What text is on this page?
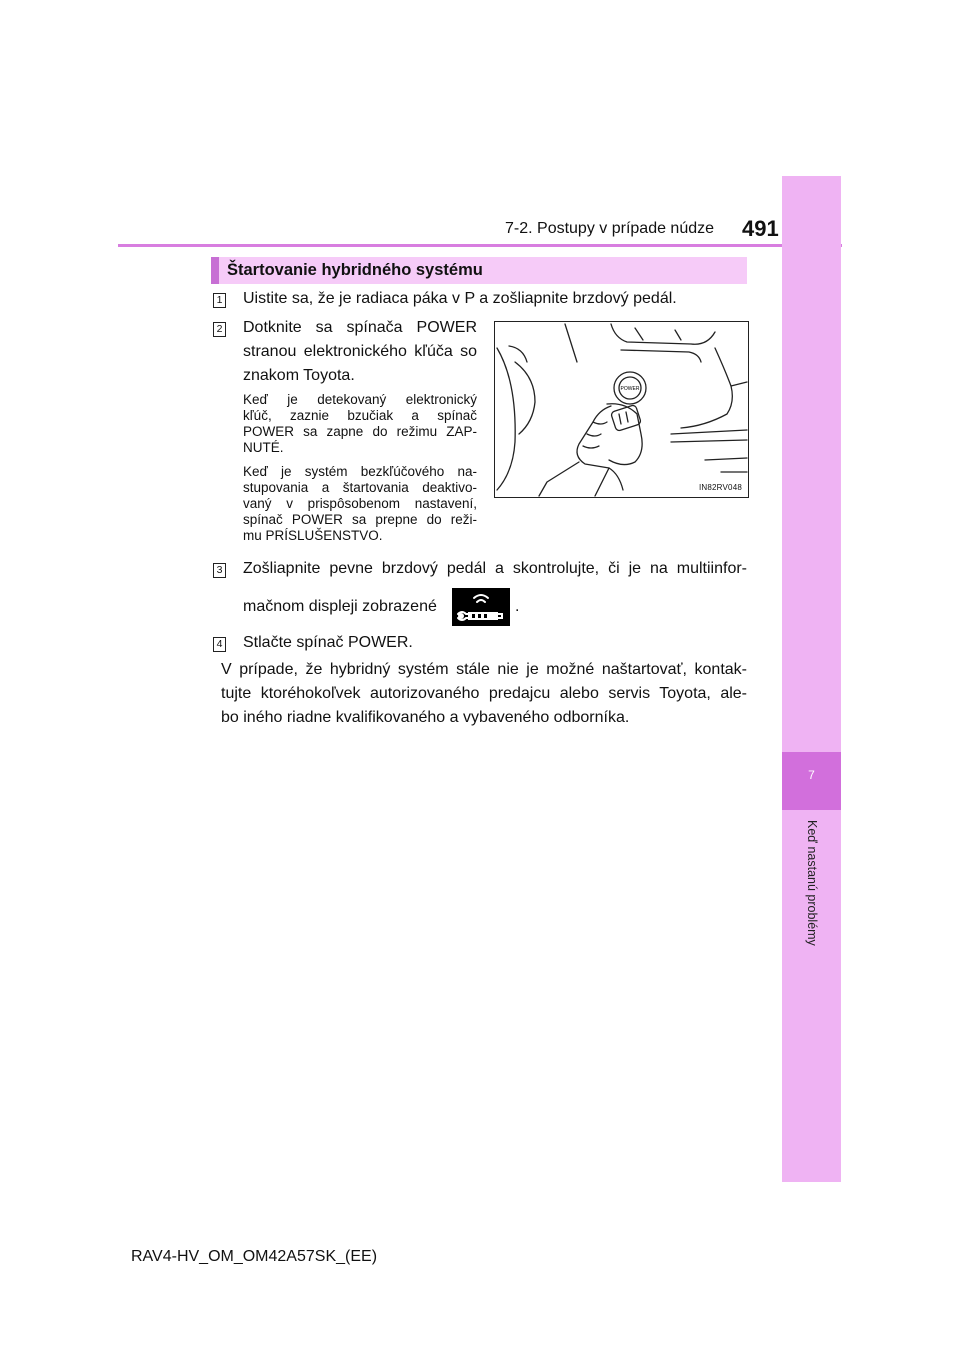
7-2. Postupy v prípade núdze 491
7
Keď nastanú problémy
Štartovanie hybridného systému
1 Uistite sa, že je radiaca páka v P a zošliapnite brzdový pedál.
2 Dotknite sa spínača POWER
stranou elektronického kľúča so
znakom Toyota.
Keď je detekovaný elektronický
kľúč, zaznie bzučiak a spínač
POWER sa zapne do režimu ZAP-
NUTÉ.
Keď je systém bezkľúčového na-
stupovania a štartovania deaktivo-
vaný v prispôsobenom nastavení,
spínač POWER sa prepne do reži-
mu PRÍSLUŠENSTVO.
POWER
IN82RV048
3 Zošliapnite pevne brzdový pedál a skontrolujte, či je na multiinfor-
mačnom displeji zobrazené	.
4 Stlačte spínač POWER.
V prípade, že hybridný systém stále nie je možné naštartovať, kontak-
tujte ktoréhokoľvek autorizovaného predajcu alebo servis Toyota, ale-
bo iného riadne kvalifikovaného a vybaveného odborníka.
RAV4-HV_OM_OM42A57SK_(EE)
